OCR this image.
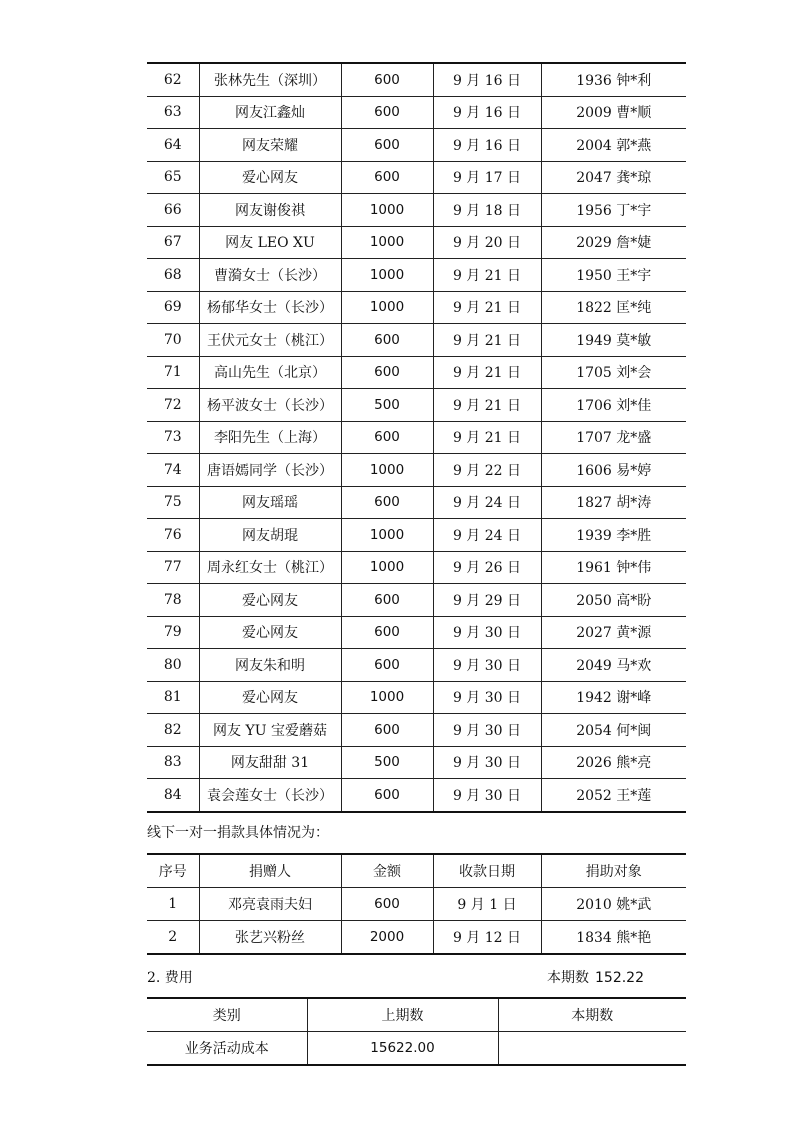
62	张林先生（深圳）	600	9 月 16 日	1936 钟*利
63	网友江鑫灿	600	9 月 16 日	2009 曹*顺
64	网友荣耀	600	9 月 16 日	2004 郭*燕
65	爱心网友	600	9 月 17 日	2047 龚*琼
66	网友谢俊祺	1000	9 月 18 日	1956 丁*宇
67	网友 LEO XU	1000	9 月 20 日	2029 詹*婕
68	曹漪女士（长沙）	1000	9 月 21 日	1950 王*宇
69	杨郁华女士（长沙）	1000	9 月 21 日	1822 匡*纯
70	王伏元女士（桃江）	600	9 月 21 日	1949 莫*敏
71	高山先生（北京）	600	9 月 21 日	1705 刘*会
72	杨平波女士（长沙）	500	9 月 21 日	1706 刘*佳
73	李阳先生（上海）	600	9 月 21 日	1707 龙*盛
74	唐语嫣同学（长沙）	1000	9 月 22 日	1606 易*婷
75	网友瑶瑶	600	9 月 24 日	1827 胡*涛
76	网友胡琨	1000	9 月 24 日	1939 李*胜
77	周永红女士（桃江）	1000	9 月 26 日	1961 钟*伟
78	爱心网友	600	9 月 29 日	2050 高*盼
79	爱心网友	600	9 月 30 日	2027 黄*源
80	网友朱和明	600	9 月 30 日	2049 马*欢
81	爱心网友	1000	9 月 30 日	1942 谢*峰
82	网友 YU 宝爱蘑菇	600	9 月 30 日	2054 何*闽
83	网友甜甜 31	500	9 月 30 日	2026 熊*亮
84	袁会莲女士（长沙）	600	9 月 30 日	2052 王*莲
线下一对一捐款具体情况为：
序号	捐赠人	金额	收款日期	捐助对象
1	邓亮袁雨夫妇	600	9 月 1 日	2010 姚*武
2	张艺兴粉丝	2000	9 月 12 日	1834 熊*艳
2. 费用	本期数 152.22
类别	上期数	本期数
业务活动成本	15622.00	
